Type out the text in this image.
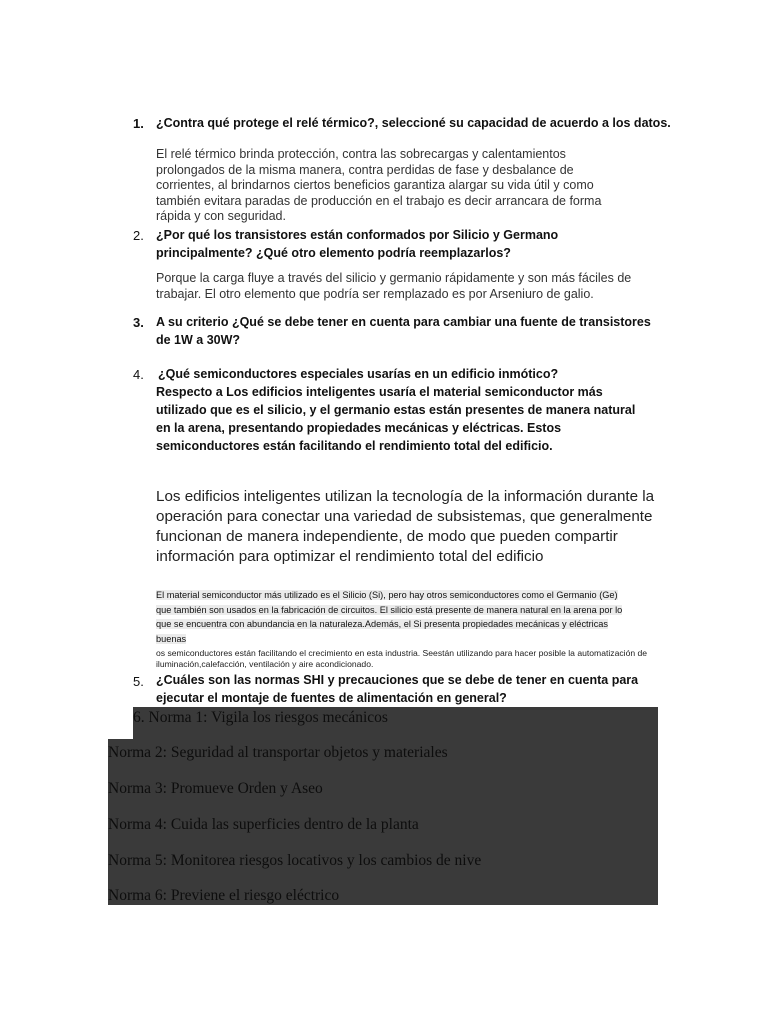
1. ¿Contra qué protege el relé térmico?, seleccioné su capacidad de acuerdo a los datos.
El relé térmico brinda protección, contra las sobrecargas y calentamientos prolongados de la misma manera, contra perdidas de fase y desbalance de corrientes, al brindarnos ciertos beneficios garantiza alargar su vida útil y como también evitara paradas de producción en el trabajo es decir arrancara de forma rápida y con seguridad.
2. ¿Por qué los transistores están conformados por Silicio y Germano principalmente? ¿Qué otro elemento podría reemplazarlos?
Porque la carga fluye a través del silicio y germanio rápidamente y son más fáciles de trabajar. El otro elemento que podría ser remplazado es por Arseniuro de galio.
3. A su criterio ¿Qué se debe tener en cuenta para cambiar una fuente de transistores de 1W a 30W?
4. ¿Qué semiconductores especiales usarías en un edificio inmótico?
Respecto a Los edificios inteligentes usaría el material semiconductor más utilizado que es el silicio, y el germanio estas están presentes de manera natural en la arena, presentando propiedades mecánicas y eléctricas. Estos semiconductores están facilitando el rendimiento total del edificio.
Los edificios inteligentes utilizan la tecnología de la información durante la operación para conectar una variedad de subsistemas, que generalmente funcionan de manera independiente, de modo que pueden compartir información para optimizar el rendimiento total del edificio
El material semiconductor más utilizado es el Silicio (Si), pero hay otros semiconductores como el Germanio (Ge) que también son usados en la fabricación de circuitos. El silicio está presente de manera natural en la arena por lo que se encuentra con abundancia en la naturaleza.Además, el Si presenta propiedades mecánicas y eléctricas buenas
os semiconductores están facilitando el crecimiento en esta industria. Seestán utilizando para hacer posible la automatización de iluminación,calefacción, ventilación y aire acondicionado.
5. ¿Cuáles son las normas SHI y precauciones que se debe de tener en cuenta para ejecutar el montaje de fuentes de alimentación en general?
6. Norma 1: Vigila los riesgos mecánicos
Norma 2: Seguridad al transportar objetos y materiales
Norma 3: Promueve Orden y Aseo
Norma 4: Cuida las superficies dentro de la planta
Norma 5: Monitorea riesgos locativos y los cambios de nive
Norma 6: Previene el riesgo eléctrico
